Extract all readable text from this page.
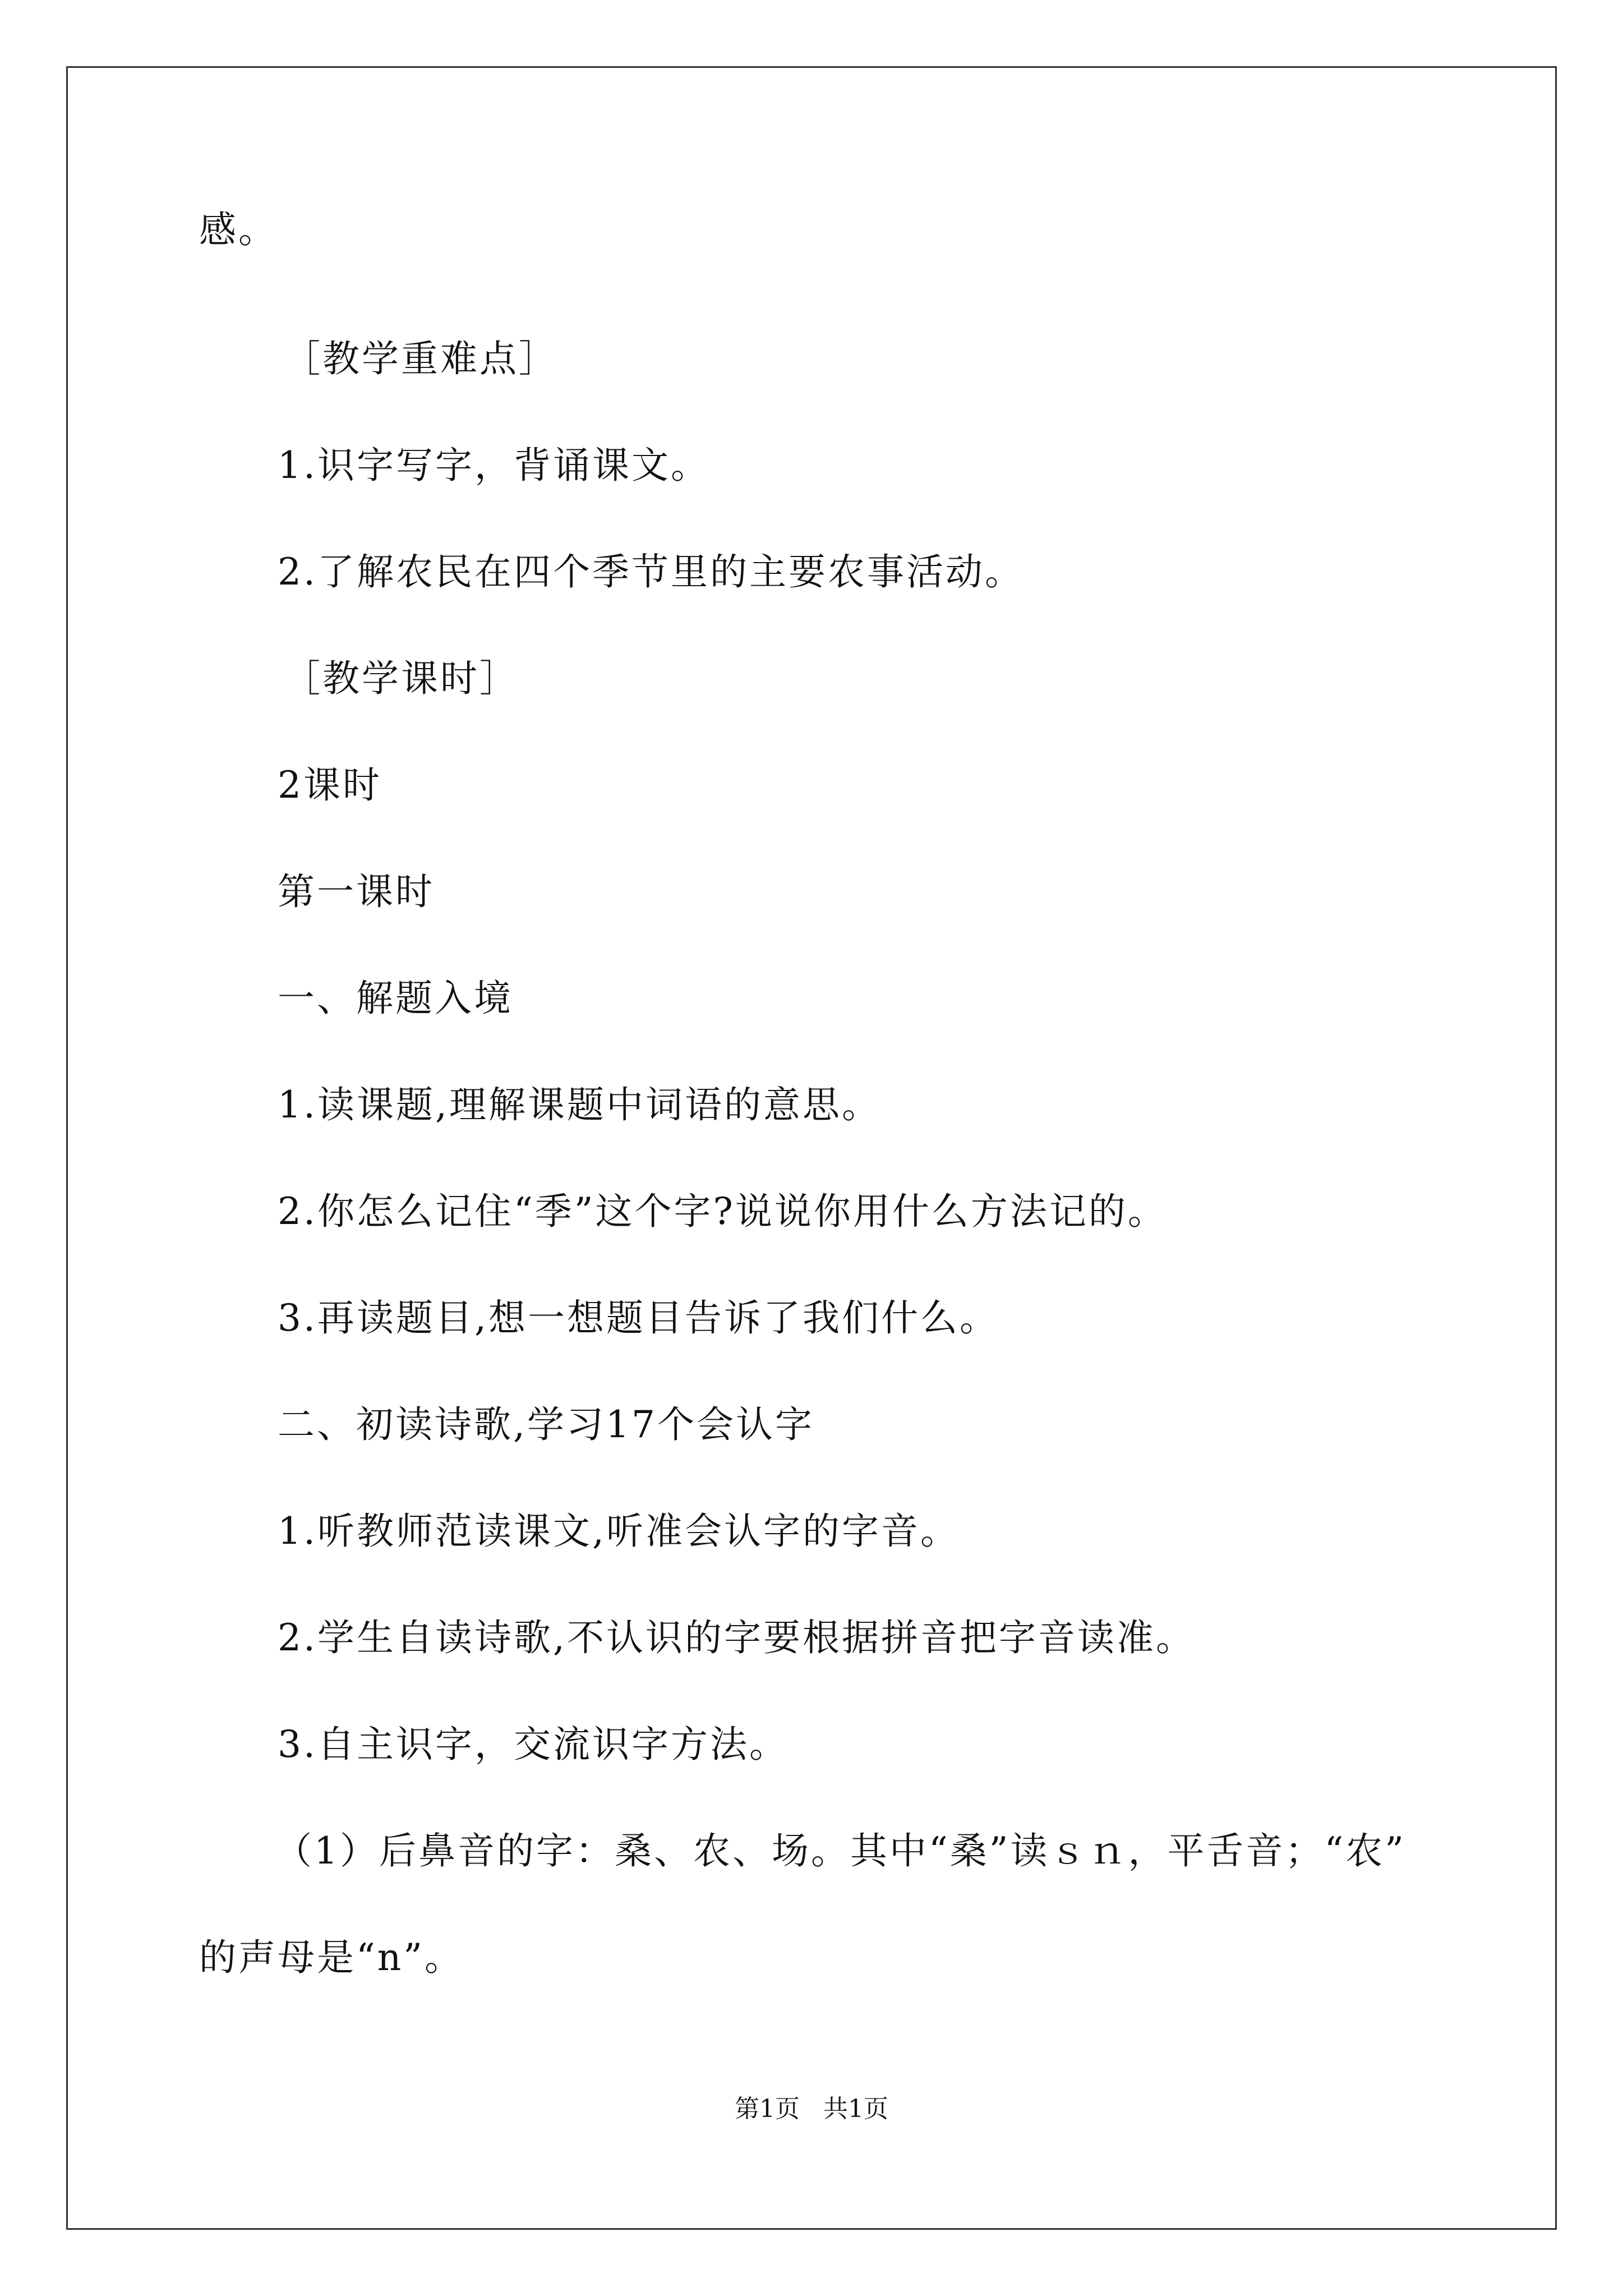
感。
［教学重难点］
1.识字写字，背诵课文。
2.了解农民在四个季节里的主要农事活动。
［教学课时］
2课时
第一课时
一、解题入境
1.读课题,理解课题中词语的意思。
2.你怎么记住“季”这个字?说说你用什么方法记的。
3.再读题目,想一想题目告诉了我们什么。
二、初读诗歌,学习17个会认字
1.听教师范读课文,听准会认字的字音。
2.学生自读诗歌,不认识的字要根据拼音把字音读准。
3.自主识字，交流识字方法。
（1）后鼻音的字：桑、农、场。其中“桑”读ｓｎ，平舌音；“农”
的声母是“n”。
第1页   共1页
